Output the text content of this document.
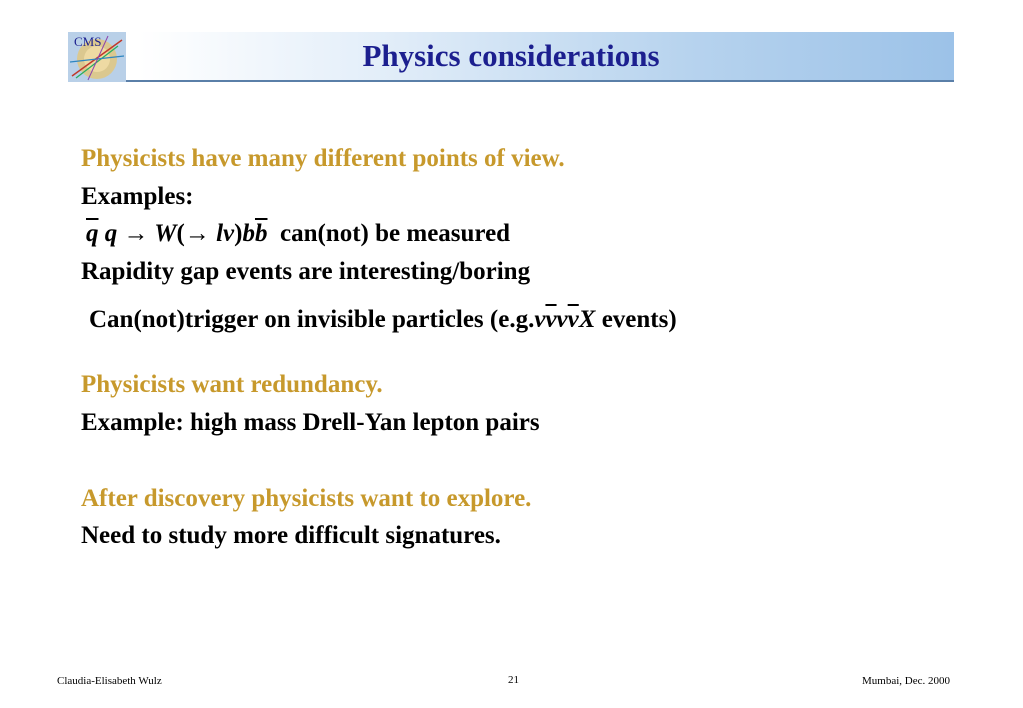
CMS	Physics considerations
Physicists have many different points of view.
Examples:
$\overline{q}$ $q \to W(\to l\nu)b\overline{b}$ can(not) be measured
Rapidity gap events are interesting/boring
Can(not)trigger on invisible particles ($e.g.\nu\overline{\nu}\nu\overline{\nu}X$ events)
Physicists want redundancy.
Example: high mass Drell-Yan lepton pairs
After discovery physicists want to explore.
Need to study more difficult signatures.
Claudia-Elisabeth Wulz	21	Mumbai, Dec. 2000
